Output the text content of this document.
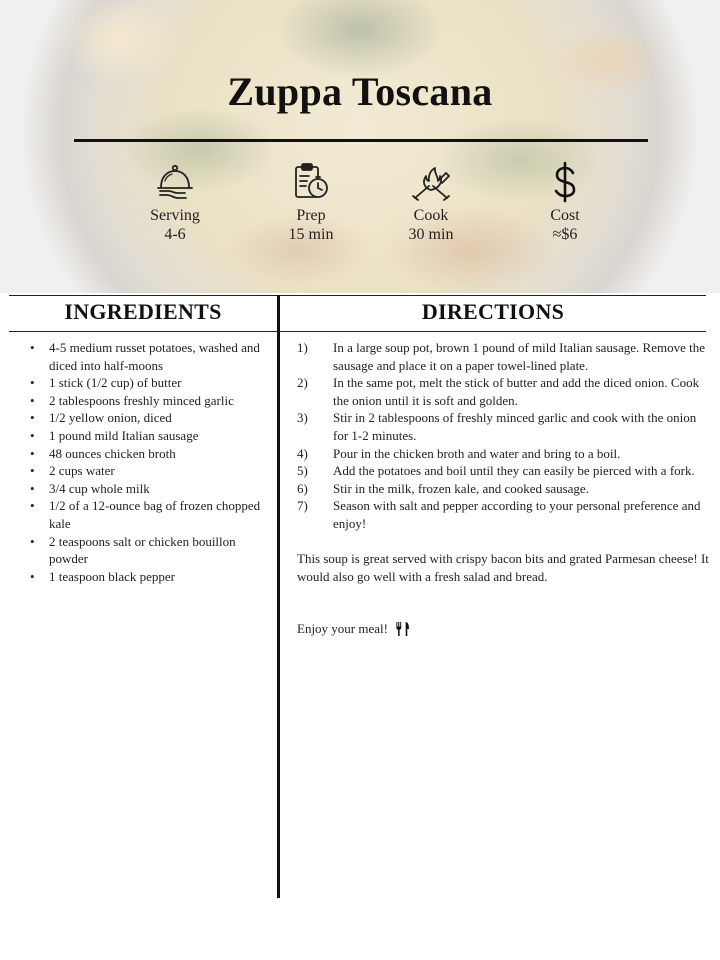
Zuppa Toscana
Serving
4-6
Prep
15 min
Cook
30 min
Cost
≈$6
INGREDIENTS	DIRECTIONS
• 4-5 medium russet potatoes, washed and diced into half-moons
• 1 stick (1/2 cup) of butter
• 2 tablespoons freshly minced garlic
• 1/2 yellow onion, diced
• 1 pound mild Italian sausage
• 48 ounces chicken broth
• 2 cups water
• 3/4 cup whole milk
• 1/2 of a 12-ounce bag of frozen chopped kale
• 2 teaspoons salt or chicken bouillon powder
• 1 teaspoon black pepper
1) In a large soup pot, brown 1 pound of mild Italian sausage. Remove the sausage and place it on a paper towel-lined plate.
2) In the same pot, melt the stick of butter and add the diced onion. Cook the onion until it is soft and golden.
3) Stir in 2 tablespoons of freshly minced garlic and cook with the onion for 1-2 minutes.
4) Pour in the chicken broth and water and bring to a boil.
5) Add the potatoes and boil until they can easily be pierced with a fork.
6) Stir in the milk, frozen kale, and cooked sausage.
7) Season with salt and pepper according to your personal preference and enjoy!

This soup is great served with crispy bacon bits and grated Parmesan cheese! It would also go well with a fresh salad and bread.

Enjoy your meal!
